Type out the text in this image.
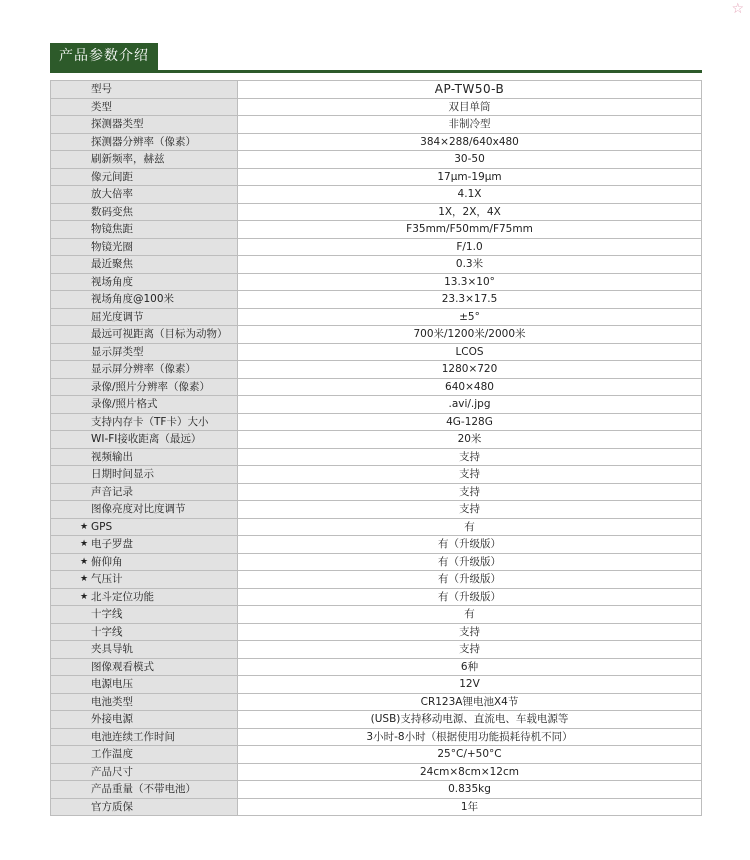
☆
产品参数介绍
型号	AP-TW50-B
类型	双目单筒
探测器类型	非制冷型
探测器分辨率（像素）	384×288/640x480
刷新频率，赫兹	30-50
像元间距	17μm-19μm
放大倍率	4.1X
数码变焦	1X，2X，4X
物镜焦距	F35mm/F50mm/F75mm
物镜光圈	F/1.0
最近聚焦	0.3米
视场角度	13.3×10°
视场角度@100米	23.3×17.5
屈光度调节	±5°
最远可视距离（目标为动物）	700米/1200米/2000米
显示屏类型	LCOS
显示屏分辨率（像素）	1280×720
录像/照片分辨率（像素）	640×480
录像/照片格式	.avi/.jpg
支持内存卡（TF卡）大小	4G-128G
WI-FI接收距离（最远）	20米
视频输出	支持
日期时间显示	支持
声音记录	支持
图像亮度对比度调节	支持

★ GPS	有

★ 电子罗盘	有（升级版）

★ 俯仰角	有（升级版）

★ 气压计	有（升级版）

★ 北斗定位功能	有（升级版）
十字线	有
十字线	支持
夹具导轨	支持
图像观看模式	6种
电源电压	12V
电池类型	CR123A锂电池X4节
外接电源	(USB)支持移动电源、直流电、车载电源等
电池连续工作时间	3小时-8小时（根据使用功能损耗待机不同）
工作温度	25°C/+50°C
产品尺寸	24cm×8cm×12cm
产品重量（不带电池）	0.835kg
官方质保	1年
